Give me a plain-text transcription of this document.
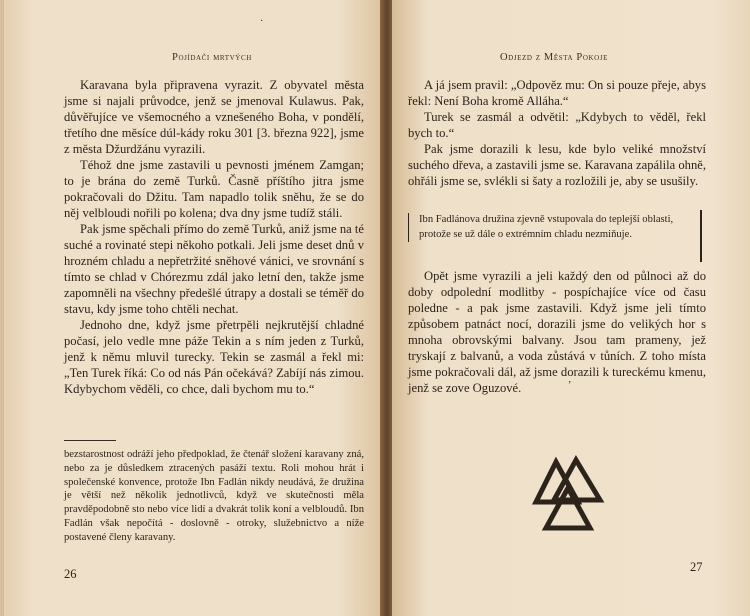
Pojídači mrtvých
·

Karavana byla připravena vyrazit. Z obyvatel města jsme si najali průvodce, jenž se jmenoval Kulawus. Pak, důvěřujíce ve všemocného a vznešeného Boha, v pondělí, třetího dne měsíce dúl-kády roku 301 [3. března 922], jsme z města Džurdžánu vyrazili.

Téhož dne jsme zastavili u pevnosti jménem Zamgan; to je brána do země Turků. Časně příštího jitra jsme pokračovali do Džitu. Tam napadlo tolik sněhu, že se do něj velbloudi nořili po kolena; dva dny jsme tudíž stáli.

Pak jsme spěchali přímo do země Turků, aniž jsme na té suché a rovinaté stepi někoho potkali. Jeli jsme deset dnů v hrozném chladu a nepřetržité sněhové vánici, ve srovnání s tímto se chlad v Chórezmu zdál jako letní den, takže jsme zapomněli na všechny předešlé útrapy a dostali se téměř do stavu, kdy jsme toho chtěli nechat.

Jednoho dne, když jsme přetrpěli nejkrutější chladné počasí, jelo vedle mne páže Tekin a s ním jeden z Turků, jenž k němu mluvil turecky. Tekin se zasmál a řekl mi: „Ten Turek říká: Co od nás Pán očekává? Zabíjí nás zimou. Kdybychom věděli, co chce, dali bychom mu to.“

bezstarostnost odráží jeho předpoklad, že čtenář složení karavany zná, nebo za je důsledkem ztracených pasáží textu. Roli mohou hrát i společenské konvence, protože Ibn Fadlán nikdy neudává, že družina je větší než několik jednotlivců, když ve skutečnosti měla pravděpodobně sto nebo více lidí a dvakrát tolik koní a velbloudů. Ibn Fadlán však nepočítá - doslovně - otroky, služebnictvo a níže postavené členy karavany.

26
Odjezd z Města Pokoje

A já jsem pravil: „Odpověz mu: On si pouze přeje, abys řekl: Není Boha kromě Alláha.“

Turek se zasmál a odvětil: „Kdybych to věděl, řekl bych to.“

Pak jsme dorazili k lesu, kde bylo veliké množství suchého dřeva, a zastavili jsme se. Karavana zapálila ohně, ohřáli jsme se, svlékli si šaty a rozložili je, aby se usušily.

Ibn Fadlánova družina zjevně vstupovala do teplejší oblasti, protože se už dále o extrémním chladu nezmiňuje.

Opět jsme vyrazili a jeli každý den od půlnoci až do doby odpolední modlitby - pospíchajíce více od času poledne - a pak jsme zastavili. Když jsme jeli tímto způsobem patnáct nocí, dorazili jsme do velikých hor s mnoha obrovskými balvany. Jsou tam prameny, jež tryskají z balvanů, a voda zůstává v tůních. Z toho místa jsme pokračovali dál, až jsme dorazili k tureckému kmenu, jenž se zove Oguzové.	ʼ
27
